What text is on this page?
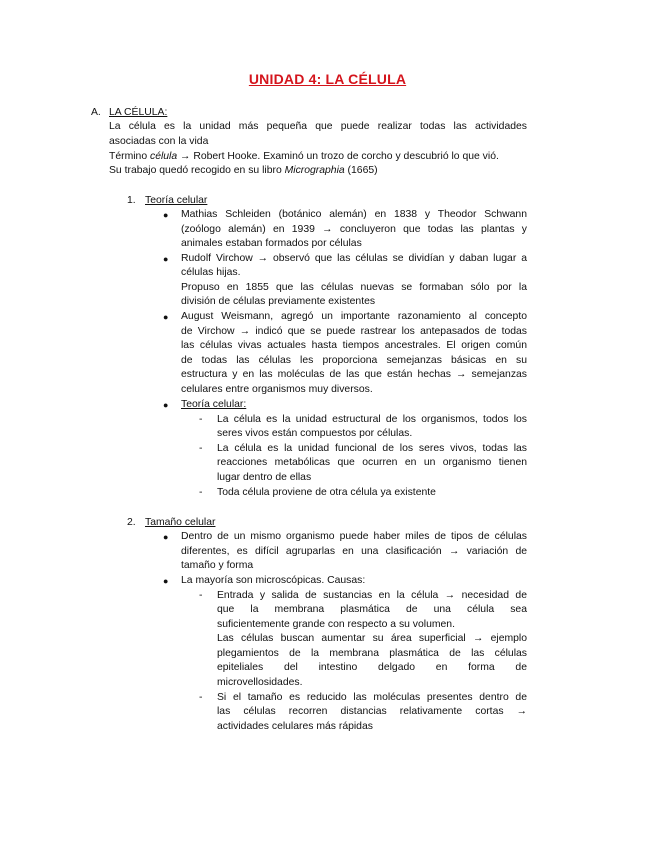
UNIDAD 4: LA CÉLULA
A. LA CÉLULA:
La célula es la unidad más pequeña que puede realizar todas las actividades
asociadas con la vida
Término célula → Robert Hooke. Examinó un trozo de corcho y descubrió lo que vió.
Su trabajo quedó recogido en su libro Micrographia (1665)
1. Teoría celular
● Mathias Schleiden (botánico alemán) en 1838 y Theodor Schwann
(zoólogo alemán) en 1939 → concluyeron que todas las plantas y
animales estaban formados por células
● Rudolf Virchow → observó que las células se dividían y daban lugar a
células hijas.
Propuso en 1855 que las células nuevas se formaban sólo por la
división de células previamente existentes
● August Weismann, agregó un importante razonamiento al concepto
de Virchow → indicó que se puede rastrear los antepasados de todas
las células vivas actuales hasta tiempos ancestrales. El origen común
de todas las células les proporciona semejanzas básicas en su
estructura y en las moléculas de las que están hechas → semejanzas
celulares entre organismos muy diversos.
● Teoría celular:
- La célula es la unidad estructural de los organismos, todos los
seres vivos están compuestos por células.
- La célula es la unidad funcional de los seres vivos, todas las
reacciones metabólicas que ocurren en un organismo tienen
lugar dentro de ellas
- Toda célula proviene de otra célula ya existente
2. Tamaño celular
● Dentro de un mismo organismo puede haber miles de tipos de células
diferentes, es difícil agruparlas en una clasificación → variación de
tamaño y forma
● La mayoría son microscópicas. Causas:
- Entrada y salida de sustancias en la célula → necesidad de
que la membrana plasmática de una célula sea
suficientemente grande con respecto a su volumen.
Las células buscan aumentar su área superficial → ejemplo
plegamientos de la membrana plasmática de las células
epiteliales del intestino delgado en forma de
microvellosidades.
- Si el tamaño es reducido las moléculas presentes dentro de
las células recorren distancias relativamente cortas →
actividades celulares más rápidas
